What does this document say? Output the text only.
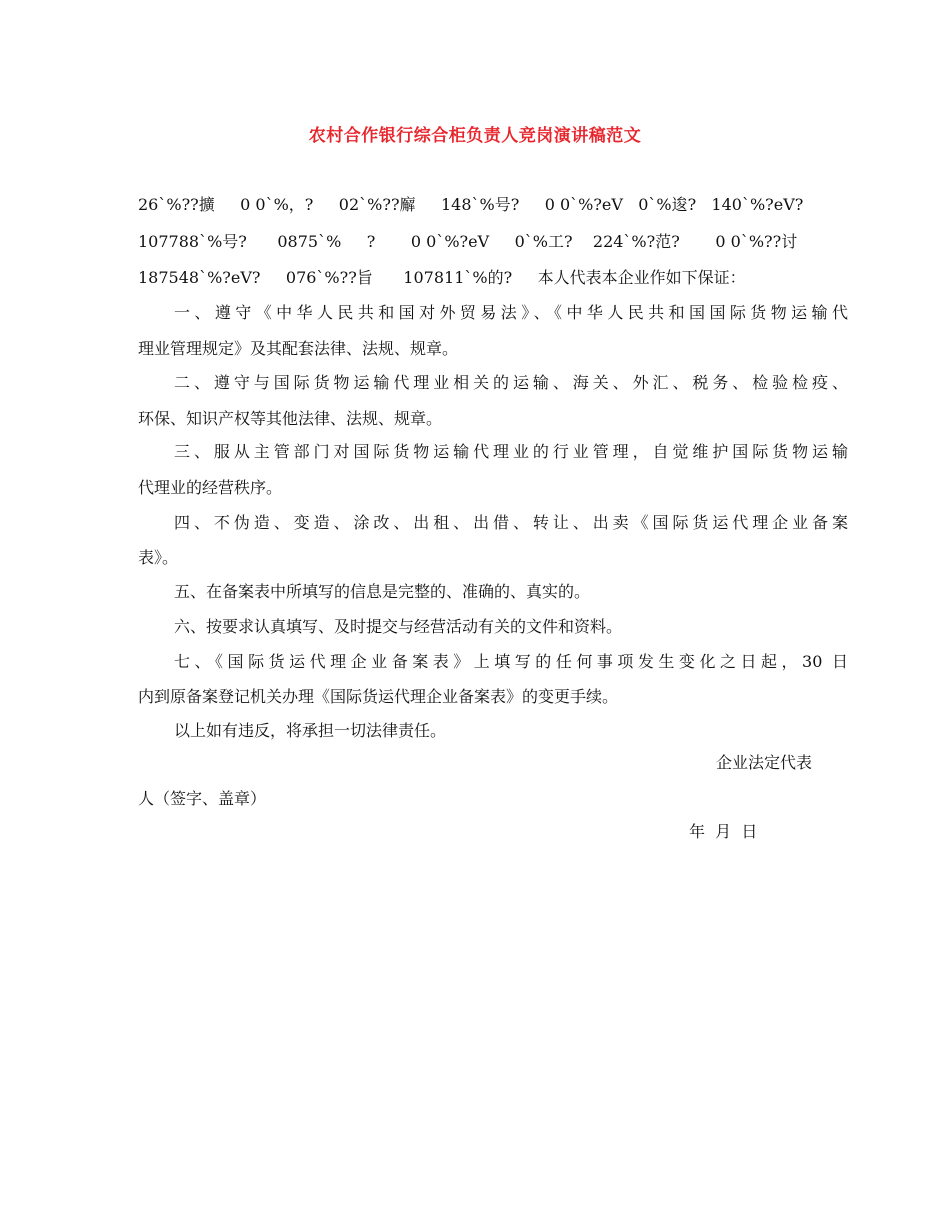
农村合作银行综合柜负责人竞岗演讲稿范文
26`%??擴     0 0`%，?     02`%??廨     148`%号?     0 0`%?eV   0`%逡?   140`%?eV?
107788`%号?      0875`%     ?       0 0`%?eV     0`%工?    224`%?范?       0 0`%??讨
187548`%?eV?     076`%??旨      107811`%的?     本人代表本企业作如下保证：
一、遵守《中华人民共和国对外贸易法》、《中华人民共和国国际货物运输代
理业管理规定》及其配套法律、法规、规章。
二、遵守与国际货物运输代理业相关的运输、海关、外汇、税务、检验检疫、
环保、知识产权等其他法律、法规、规章。
三、服从主管部门对国际货物运输代理业的行业管理，自觉维护国际货物运输
代理业的经营秩序。
四、不伪造、变造、涂改、出租、出借、转让、出卖《国际货运代理企业备案
表》。
五、在备案表中所填写的信息是完整的、准确的、真实的。
六、按要求认真填写、及时提交与经营活动有关的文件和资料。
七、《国际货运代理企业备案表》上填写的任何事项发生变化之日起，30 日
内到原备案登记机关办理《国际货运代理企业备案表》的变更手续。
以上如有违反，将承担一切法律责任。
企业法定代表
人（签字、盖章）
年  月  日
